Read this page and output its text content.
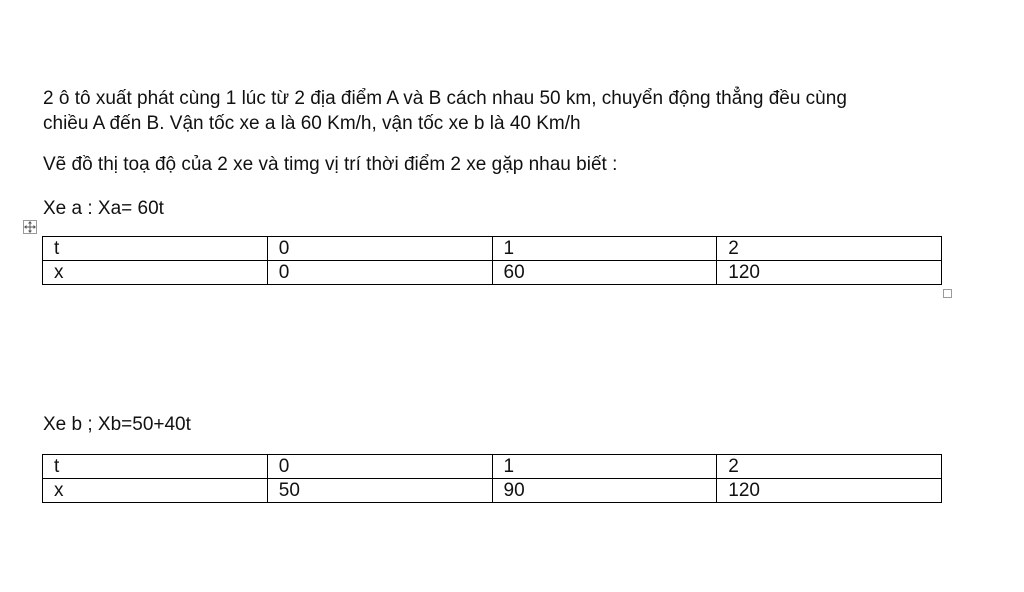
2 ô tô xuất phát cùng 1 lúc từ 2 địa điểm A và B cách nhau 50 km, chuyển động thẳng đều cùng
chiều A đến B. Vận tốc xe a là 60 Km/h, vận tốc xe b là 40 Km/h

Vẽ đồ thị toạ độ của 2 xe và timg vị trí thời điểm 2 xe gặp nhau biết :

Xe a : Xa= 60t

t	0	1	2
x	0	60	120

Xe b ; Xb=50+40t

t	0	1	2
x	50	90	120
